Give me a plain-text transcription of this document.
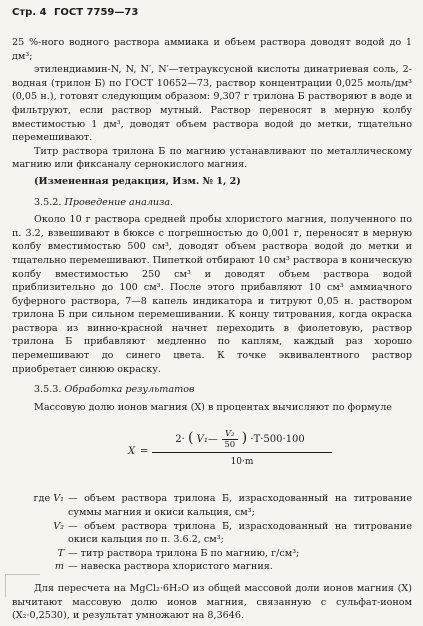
Стр. 4 ГОСТ 7759—73

25 %-ного водного раствора аммиака и объем раствора доводят водой до 1 дм³;

этилендиамин-N, N, N′, N′—тетрауксусной кислоты динатриевая соль, 2-водная (трилон Б) по ГОСТ 10652—73, раствор концентрации 0,025 моль/дм³ (0,05 н.), готовят следующим образом: 9,307 г трилона Б растворяют в воде и фильтруют, если раствор мутный. Раствор переносят в мерную колбу вместимостью 1 дм³, доводят объем раствора водой до метки, тщательно перемешивают.

Титр раствора трилона Б по магнию устанавливают по металлическому магнию или фиксаналу сернокислого магния.

(Измененная редакция, Изм. № 1, 2)

3.5.2. Проведение анализа.

Около 10 г раствора средней пробы хлористого магния, полученного по п. 3.2, взвешивают в бюксе с погрешностью до 0,001 г, переносят в мерную колбу вместимостью 500 см³, доводят объем раствора водой до метки и тщательно перемешивают. Пипеткой отбирают 10 см³ раствора в коническую колбу вместимостью 250 см³ и доводят объем раствора водой приблизительно до 100 см³. После этого прибавляют 10 см³ аммиачного буферного раствора, 7—8 капель индикатора и титруют 0,05 н. раствором трилона Б при сильном перемешивании. К концу титрования, когда окраска раствора из винно-красной начнет переходить в фиолетовую, раствор трилона Б прибавляют медленно по каплям, каждый раз хорошо перемешивают до синего цвета. К точке эквивалентного раствор приобретает синюю окраску.

3.5.3. Обработка результатов

Массовую долю ионов магния (X) в процентах вычисляют по формуле

X =
2· ( V₁— $\frac{\text{V₂}}{50}$ ) ·T·500·100
10·m
где V₁ — объем раствора трилона Б, израсходованный на титрование суммы магния и окиси кальция, см³;
V₂ — объем раствора трилона Б, израсходованный на титрование окиси кальция по п. 3.6.2, см³;
T — титр раствора трилона Б по магнию, г/см³;
m — навеска раствора хлористого магния.

Для пересчета на MgCl₂·6H₂O из общей массовой доли ионов магния (X) вычитают массовую долю ионов магния, связанную с сульфат-ионом (X₂·0,2530), и результат умножают на 8,3646.
